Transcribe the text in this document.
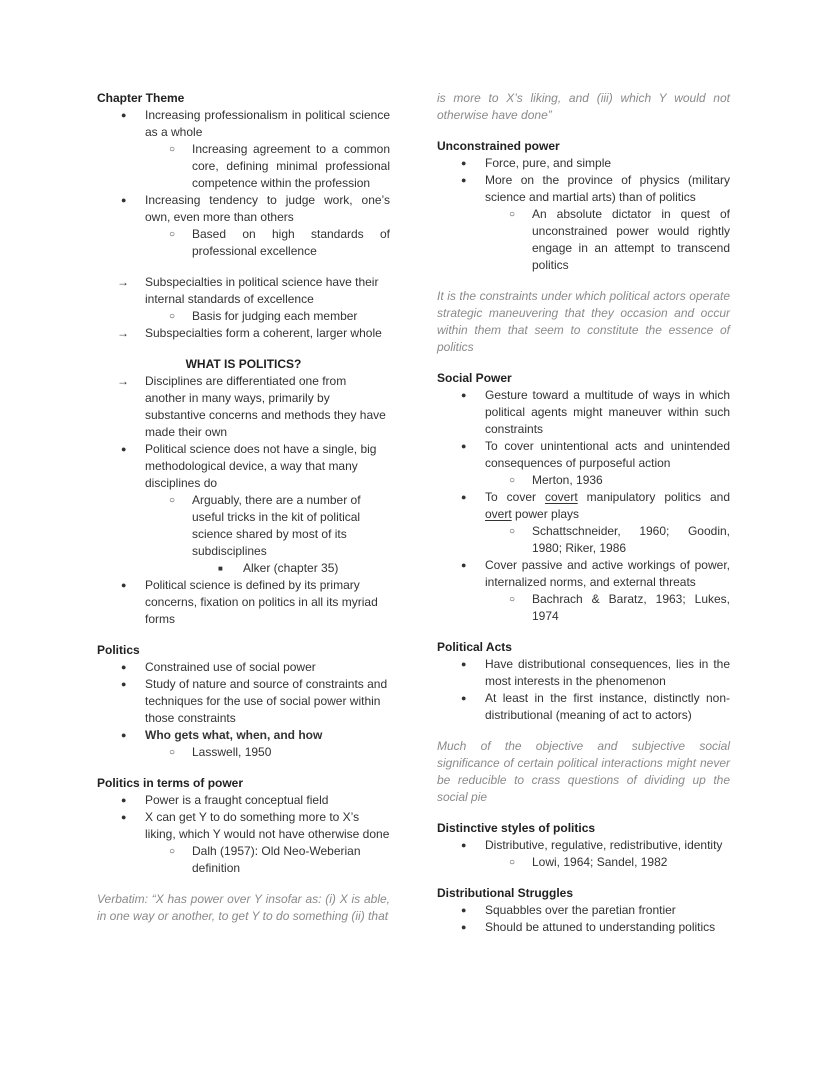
Chapter Theme
● Increasing professionalism in political science as a whole
○ Increasing agreement to a common core, defining minimal professional competence within the profession
● Increasing tendency to judge work, one’s own, even more than others
○ Based on high standards of professional excellence
→ Subspecialties in political science have their internal standards of excellence
○ Basis for judging each member
→ Subspecialties form a coherent, larger whole
WHAT IS POLITICS?
→ Disciplines are differentiated one from another in many ways, primarily by substantive concerns and methods they have made their own
● Political science does not have a single, big methodological device, a way that many disciplines do
○ Arguably, there are a number of useful tricks in the kit of political science shared by most of its subdisciplines
■ Alker (chapter 35)
● Political science is defined by its primary concerns, fixation on politics in all its myriad forms
Politics
● Constrained use of social power
● Study of nature and source of constraints and techniques for the use of social power within those constraints
● Who gets what, when, and how
○ Lasswell, 1950
Politics in terms of power
● Power is a fraught conceptual field
● X can get Y to do something more to X’s liking, which Y would not have otherwise done
○ Dalh (1957): Old Neo-Weberian definition
Verbatim: “X has power over Y insofar as: (i) X is able, in one way or another, to get Y to do something (ii) that
is more to X’s liking, and (iii) which Y would not otherwise have done”
Unconstrained power
● Force, pure, and simple
● More on the province of physics (military science and martial arts) than of politics
○ An absolute dictator in quest of unconstrained power would rightly engage in an attempt to transcend politics
It is the constraints under which political actors operate strategic maneuvering that they occasion and occur within them that seem to constitute the essence of politics
Social Power
● Gesture toward a multitude of ways in which political agents might maneuver within such constraints
● To cover unintentional acts and unintended consequences of purposeful action
○ Merton, 1936
● To cover covert manipulatory politics and overt power plays
○ Schattschneider, 1960; Goodin, 1980; Riker, 1986
● Cover passive and active workings of power, internalized norms, and external threats
○ Bachrach & Baratz, 1963; Lukes, 1974
Political Acts
● Have distributional consequences, lies in the most interests in the phenomenon
● At least in the first instance, distinctly non-distributional (meaning of act to actors)
Much of the objective and subjective social significance of certain political interactions might never be reducible to crass questions of dividing up the social pie
Distinctive styles of politics
● Distributive, regulative, redistributive, identity
○ Lowi, 1964; Sandel, 1982
Distributional Struggles
● Squabbles over the paretian frontier
● Should be attuned to understanding politics
